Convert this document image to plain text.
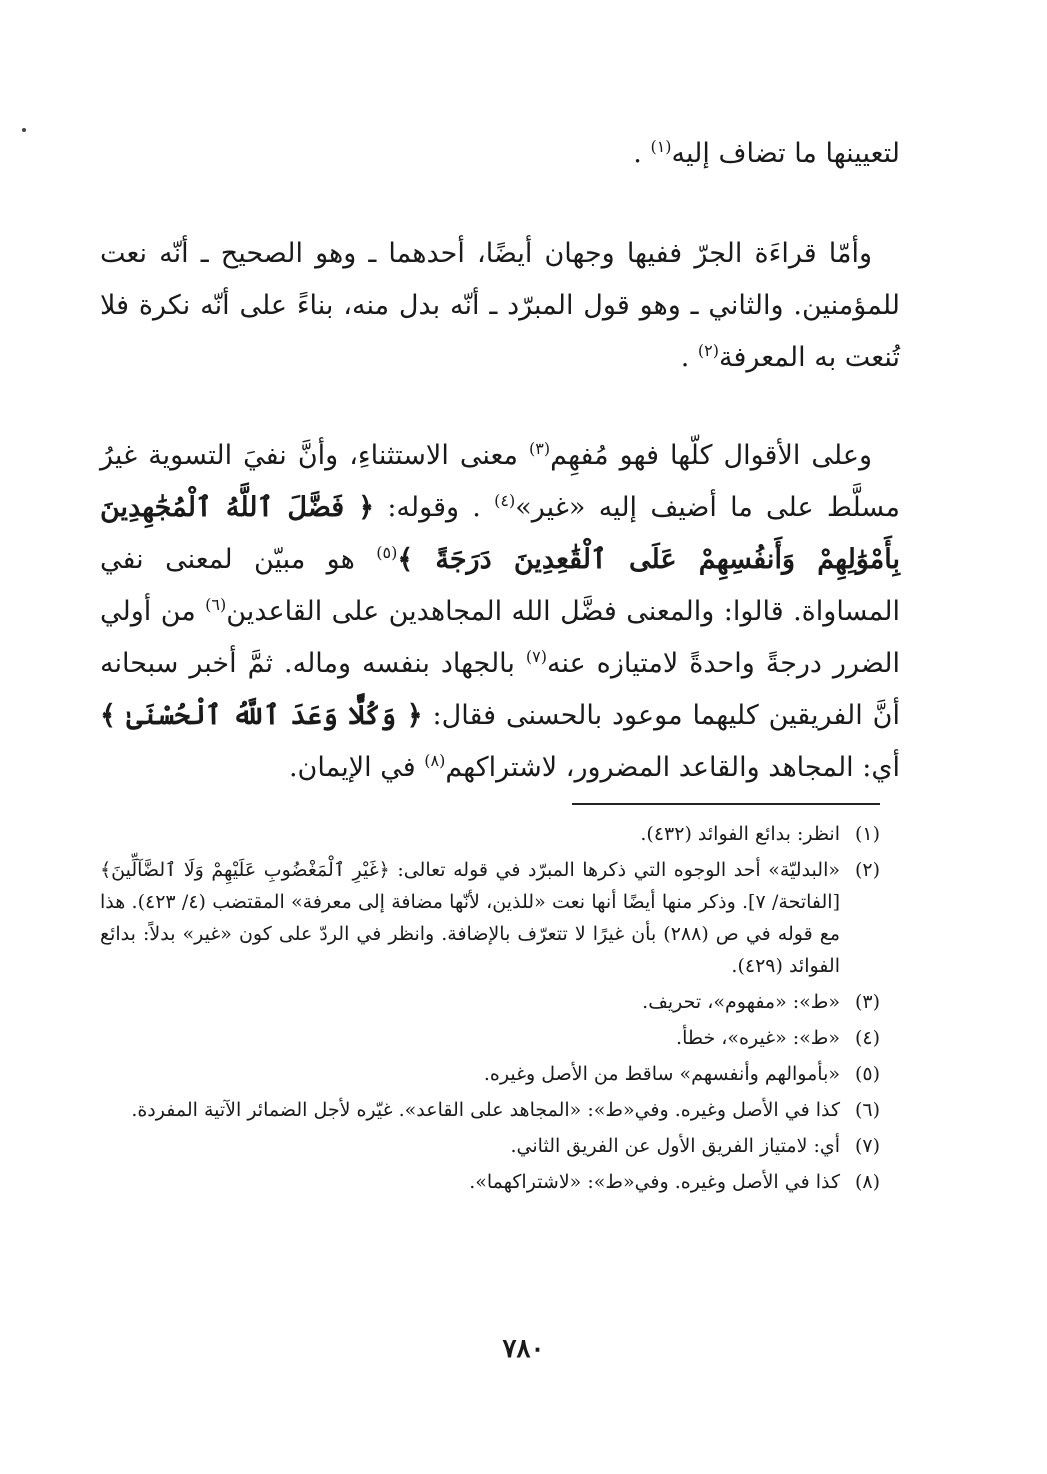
لتعيينها ما تضاف إليه$^{(١)}$ .

وأمّا قراءَة الجرّ ففيها وجهان أيضًا، أحدهما ـ وهو الصحيح ـ أنّه نعت للمؤمنين. والثاني ـ وهو قول المبرّد ـ أنّه بدل منه، بناءً على أنّه نكرة فلا تُنعت به المعرفة$^{(٢)}$ .

وعلى الأقوال كلّها فهو مُفهِم$^{(٣)}$ معنى الاستثناءِ، وأنَّ نفيَ التسوية غيرُ مسلَّط على ما أضيف إليه «غير»$^{(٤)}$ . وقوله: ﴿ فَضَّلَ ٱللَّهُ ٱلْمُجَٰهِدِينَ بِأَمْوَٰلِهِمْ وَأَنفُسِهِمْ عَلَى ٱلْقَٰعِدِينَ دَرَجَةً ﴾$^{(٥)}$ هو مبيّن لمعنى نفي المساواة. قالوا: والمعنى فضَّل الله المجاهدين على القاعدين$^{(٦)}$ من أولي الضرر درجةً واحدةً لامتيازه عنه$^{(٧)}$ بالجهاد بنفسه وماله. ثمَّ أخبر سبحانه أنَّ الفريقين كليهما موعود بالحسنى فقال: ﴿ وَكُلًّا وَعَدَ ٱللَّهُ ٱلْحُسْنَىٰ ﴾ أي: المجاهد والقاعد المضرور، لاشتراكهم$^{(٨)}$ في الإيمان.

(١)
انظر: بدائع الفوائد (٤٣٢).
(٢)
«البدليّة» أحد الوجوه التي ذكرها المبرّد في قوله تعالى: ﴿غَيْرِ ٱلْمَغْضُوبِ عَلَيْهِمْ وَلَا ٱلضَّآلِّينَ﴾ [الفاتحة/ ٧]. وذكر منها أيضًا أنها نعت «للذين، لأنّها مضافة إلى معرفة» المقتضب (٤/ ٤٢٣). هذا مع قوله في ص (٢٨٨) بأن غيرًا لا تتعرّف بالإضافة. وانظر في الردّ على كون «غير» بدلاً: بدائع الفوائد (٤٢٩).
(٣)
«ط»: «مفهوم»، تحريف.
(٤)
«ط»: «غيره»، خطأ.
(٥)
«بأموالهم وأنفسهم» ساقط من الأصل وغيره.
(٦)
كذا في الأصل وغيره. وفي«ط»: «المجاهد على القاعد». غيّره لأجل الضمائر الآتية المفردة.
(٧)
أي: لامتياز الفريق الأول عن الفريق الثاني.
(٨)
كذا في الأصل وغيره. وفي«ط»: «لاشتراكهما».
٧٨٠
